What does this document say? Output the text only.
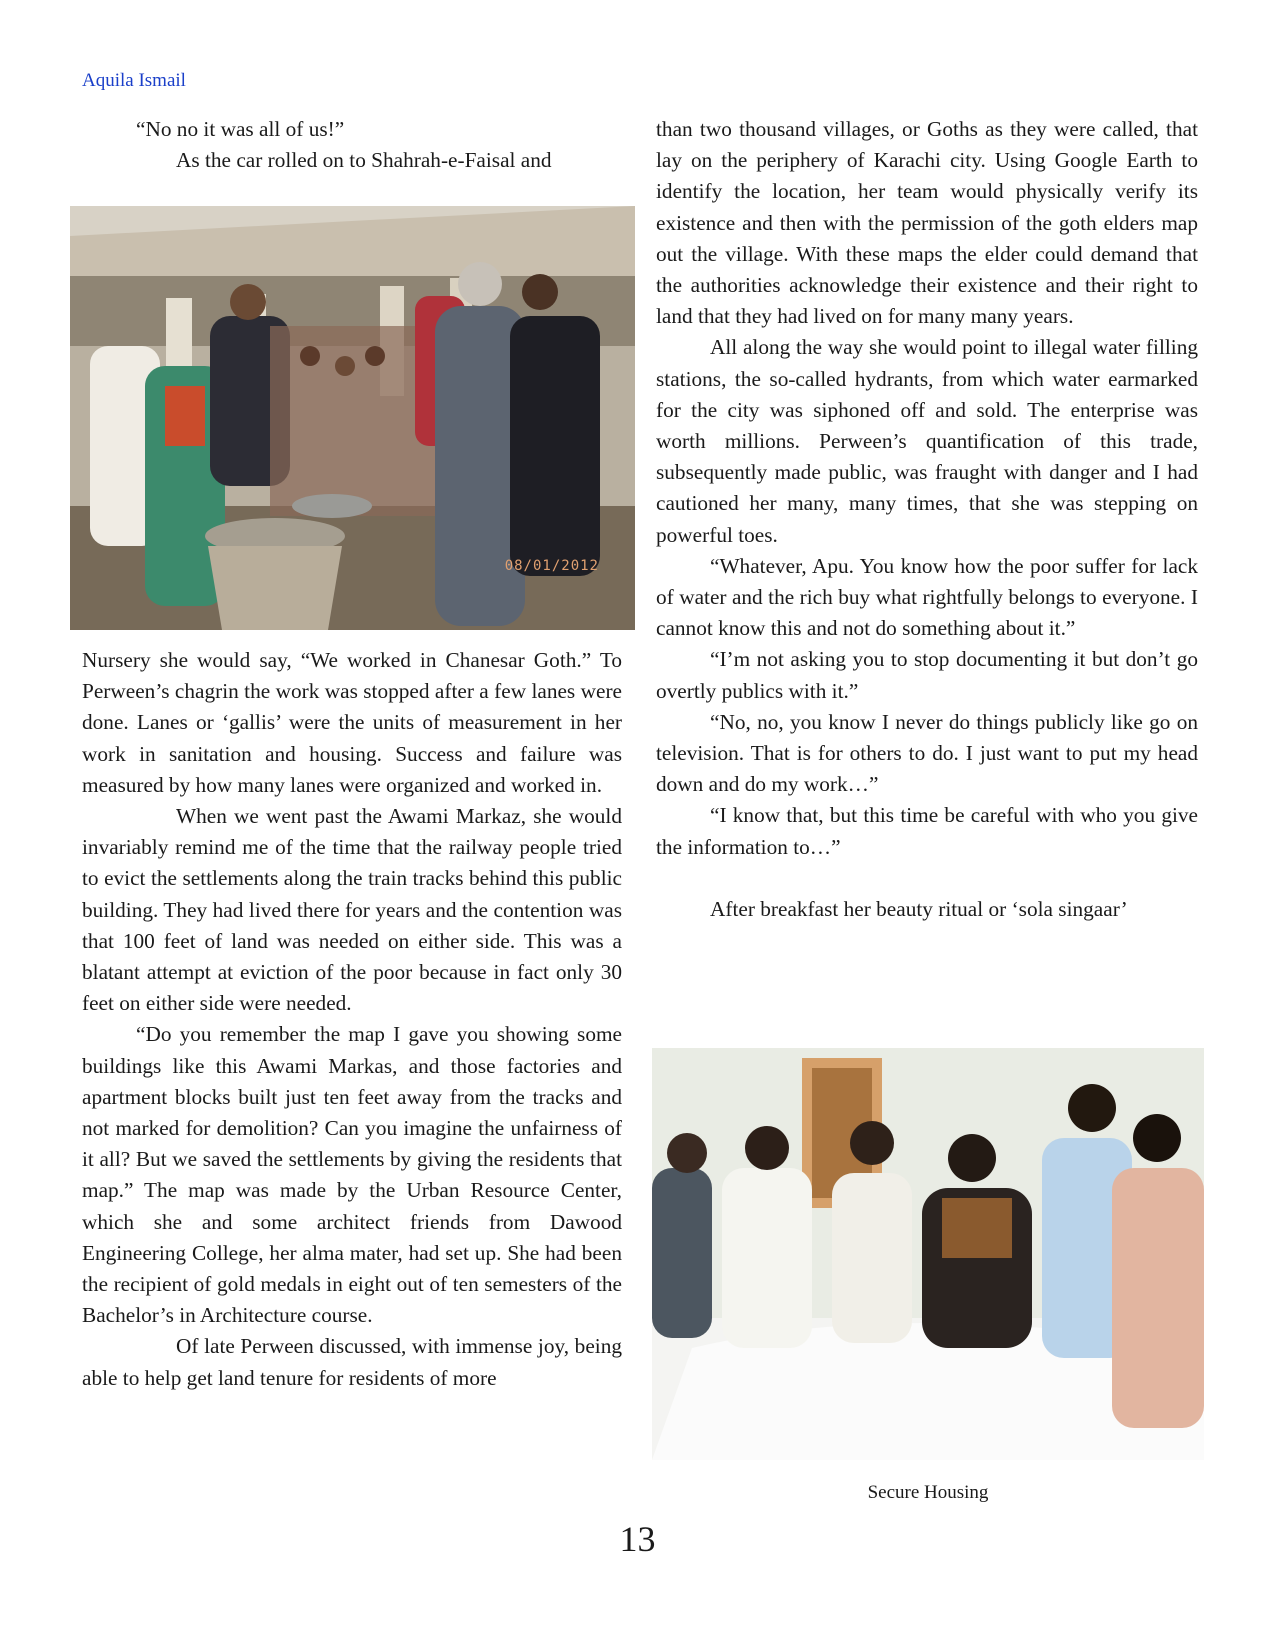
Aquila Ismail

“No no it was all of us!”

As the car rolled on to Shahrah-e-Faisal and

08/01/2012

Nursery she would say, “We worked in Chanesar Goth.” To Perween’s chagrin the work was stopped after a few lanes were done. Lanes or ‘gallis’ were the units of measurement in her work in sanitation and housing. Success and failure was measured by how many lanes were organized and worked in.

When we went past the Awami Markaz, she would invariably remind me of the time that the railway people tried to evict the settlements along the train tracks behind this public building. They had lived there for years and the contention was that 100 feet of land was needed on either side. This was a blatant attempt at eviction of the poor because in fact only 30 feet on either side were needed.

“Do you remember the map I gave you showing some buildings like this Awami Markas, and those factories and apartment blocks built just ten feet away from the tracks and not marked for demolition? Can you imagine the unfairness of it all? But we saved the settlements by giving the residents that map.” The map was made by the Urban Resource Center, which she and some architect friends from Dawood Engineering College, her alma mater, had set up. She had been the recipient of gold medals in eight out of ten semesters of the Bachelor’s in Architecture course.

Of late Perween discussed, with immense joy, being able to help get land tenure for residents of more

than two thousand villages, or Goths as they were called, that lay on the periphery of Karachi city. Using Google Earth to identify the location, her team would physically verify its existence and then with the permission of the goth elders map out the village. With these maps the elder could demand that the authorities acknowledge their existence and their right to land that they had lived on for many many years.

All along the way she would point to illegal water filling stations, the so-called hydrants, from which water earmarked for the city was siphoned off and sold. The enterprise was worth millions. Perween’s quantification of this trade, subsequently made public, was fraught with danger and I had cautioned her many, many times, that she was stepping on powerful toes.

“Whatever, Apu. You know how the poor suffer for lack of water and the rich buy what rightfully belongs to everyone. I cannot know this and not do something about it.”

“I’m not asking you to stop documenting it but don’t go overtly publics with it.”

“No, no, you know I never do things publicly like go on television. That is for others to do. I just want to put my head down and do my work…”

“I know that, but this time be careful with who you give the information to…”

After breakfast her beauty ritual or ‘sola singaar’

Secure Housing
13
